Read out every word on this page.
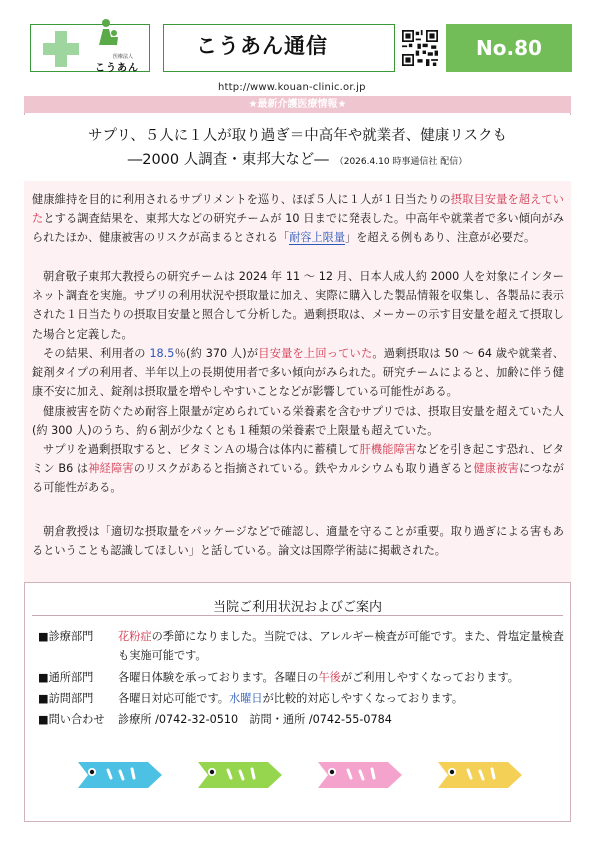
医療法人
こうあん
こうあん通信	No.80
http://www.kouan-clinic.or.jp
★最新介護医療情報★
サプリ、５人に１人が取り過ぎ＝中高年や就業者、健康リスクも
―2000 人調査・東邦大など― （2026.4.10 時事通信社 配信）
健康維持を目的に利用されるサプリメントを巡り、ほぼ５人に１人が１日当たりの摂取目安量を超えていたとする調査結果を、東邦大などの研究チームが 10 日までに発表した。中高年や就業者で多い傾向がみられたほか、健康被害のリスクが高まるとされる「耐容上限量」を超える例もあり、注意が必要だ。
朝倉敬子東邦大教授らの研究チームは 2024 年 11 ～ 12 月、日本人成人約 2000 人を対象にインターネット調査を実施。サプリの利用状況や摂取量に加え、実際に購入した製品情報を収集し、各製品に表示された１日当たりの摂取目安量と照合して分析した。過剰摂取は、メーカーの示す目安量を超えて摂取した場合と定義した。
その結果、利用者の 18.5％(約 370 人)が目安量を上回っていた。過剰摂取は 50 ～ 64 歳や就業者、錠剤タイプの利用者、半年以上の長期使用者で多い傾向がみられた。研究チームによると、加齢に伴う健康不安に加え、錠剤は摂取量を増やしやすいことなどが影響している可能性がある。
健康被害を防ぐため耐容上限量が定められている栄養素を含むサプリでは、摂取目安量を超えていた人(約 300 人)のうち、約６割が少なくとも１種類の栄養素で上限量も超えていた。
サプリを過剰摂取すると、ビタミンＡの場合は体内に蓄積して肝機能障害などを引き起こす恐れ、ビタミン B6 は神経障害のリスクがあると指摘されている。鉄やカルシウムも取り過ぎると健康被害につながる可能性がある。
朝倉教授は「適切な摂取量をパッケージなどで確認し、適量を守ることが重要。取り過ぎによる害もあるということも認識してほしい」と話している。論文は国際学術誌に掲載された。
当院ご利用状況およびご案内
■診療部門	花粉症の季節になりました。当院では、アレルギー検査が可能です。また、骨塩定量検査も実施可能です。
■通所部門	各曜日体験を承っております。各曜日の午後がご利用しやすくなっております。
■訪問部門	各曜日対応可能です。水曜日が比較的対応しやすくなっております。
■問い合わせ	診療所 /0742-32-0510　訪問・通所 /0742-55-0784
